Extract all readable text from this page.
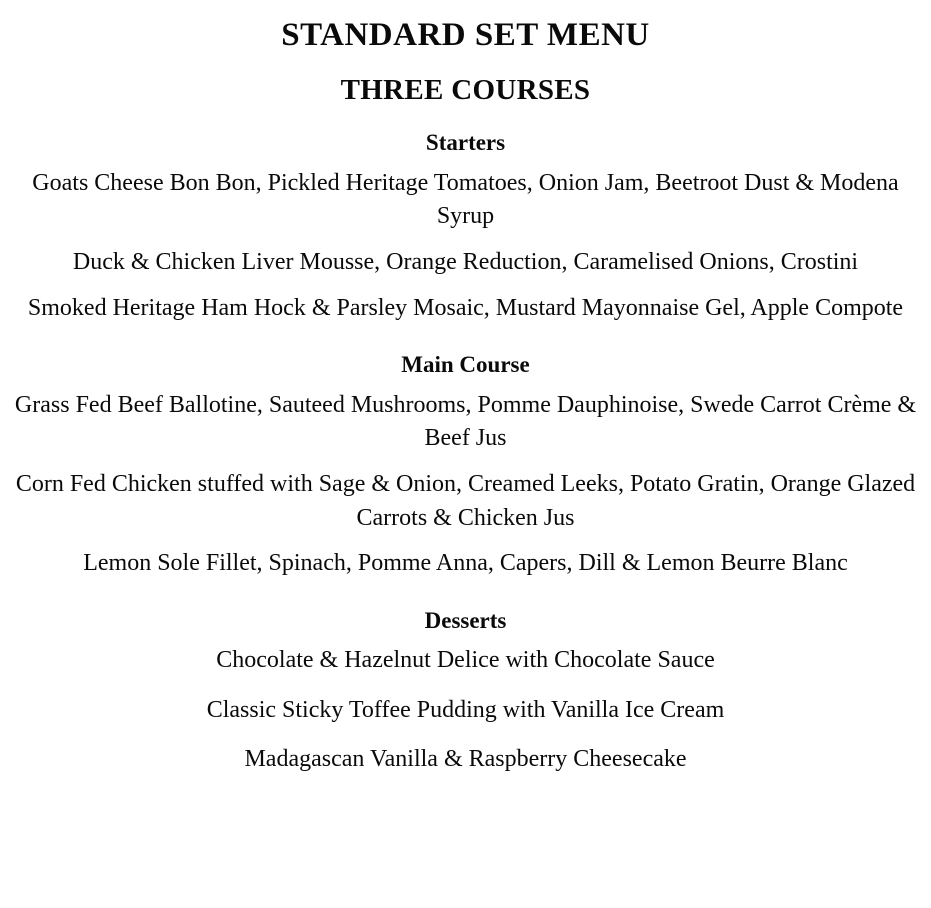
STANDARD SET MENU
THREE COURSES
Starters

Goats Cheese Bon Bon, Pickled Heritage Tomatoes, Onion Jam, Beetroot Dust & Modena Syrup

Duck & Chicken Liver Mousse, Orange Reduction, Caramelised Onions, Crostini

Smoked Heritage Ham Hock & Parsley Mosaic, Mustard Mayonnaise Gel, Apple Compote

Main Course

Grass Fed Beef Ballotine, Sauteed Mushrooms, Pomme Dauphinoise, Swede Carrot Crème & Beef Jus

Corn Fed Chicken stuffed with Sage & Onion, Creamed Leeks, Potato Gratin, Orange Glazed Carrots & Chicken Jus

Lemon Sole Fillet, Spinach, Pomme Anna, Capers, Dill & Lemon Beurre Blanc

Desserts

Chocolate & Hazelnut Delice with Chocolate Sauce

Classic Sticky Toffee Pudding with Vanilla Ice Cream

Madagascan Vanilla & Raspberry Cheesecake
